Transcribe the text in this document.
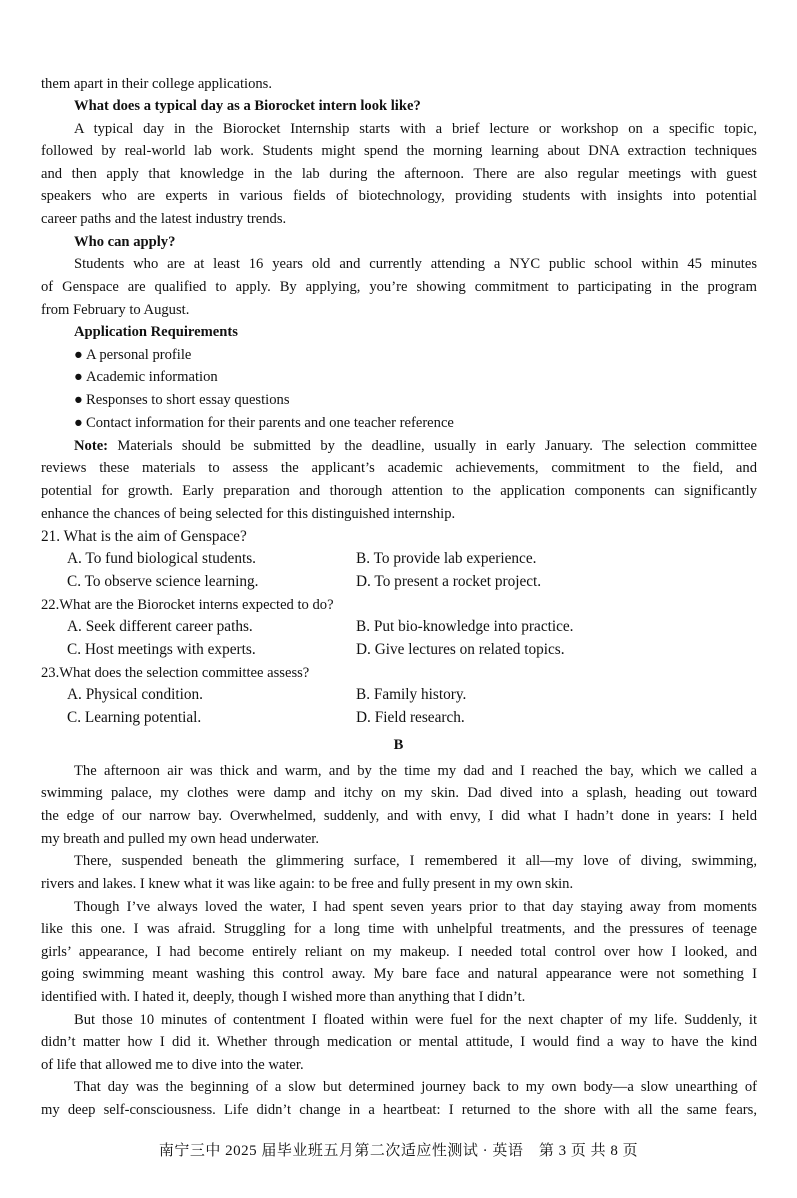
them apart in their college applications.
What does a typical day as a Biorocket intern look like?
A typical day in the Biorocket Internship starts with a brief lecture or workshop on a specific topic,
followed by real-world lab work. Students might spend the morning learning about DNA extraction techniques
and then apply that knowledge in the lab during the afternoon. There are also regular meetings with guest
speakers who are experts in various fields of biotechnology, providing students with insights into potential
career paths and the latest industry trends.
Who can apply?
Students who are at least 16 years old and currently attending a NYC public school within 45 minutes
of Genspace are qualified to apply. By applying, you’re showing commitment to participating in the program
from February to August.
Application Requirements
● A personal profile
● Academic information
● Responses to short essay questions
● Contact information for their parents and one teacher reference
Note: Materials should be submitted by the deadline, usually in early January. The selection committee
reviews these materials to assess the applicant’s academic achievements, commitment to the field, and
potential for growth. Early preparation and thorough attention to the application components can significantly
enhance the chances of being selected for this distinguished internship.
21. What is the aim of Genspace?
A. To fund biological students.	B. To provide lab experience.
C. To observe science learning.	D. To present a rocket project.
22.What are the Biorocket interns expected to do?
A. Seek different career paths.	B. Put bio-knowledge into practice.
C. Host meetings with experts.	D. Give lectures on related topics.
23.What does the selection committee assess?
A. Physical condition.	B. Family history.
C. Learning potential.	D. Field research.
B
The afternoon air was thick and warm, and by the time my dad and I reached the bay, which we called a
swimming palace, my clothes were damp and itchy on my skin. Dad dived into a splash, heading out toward
the edge of our narrow bay. Overwhelmed, suddenly, and with envy, I did what I hadn’t done in years: I held
my breath and pulled my own head underwater.
There, suspended beneath the glimmering surface, I remembered it all—my love of diving, swimming,
rivers and lakes. I knew what it was like again: to be free and fully present in my own skin.
Though I’ve always loved the water, I had spent seven years prior to that day staying away from moments
like this one. I was afraid. Struggling for a long time with unhelpful treatments, and the pressures of teenage
girls’ appearance, I had become entirely reliant on my makeup. I needed total control over how I looked, and
going swimming meant washing this control away. My bare face and natural appearance were not something I
identified with. I hated it, deeply, though I wished more than anything that I didn’t.
But those 10 minutes of contentment I floated within were fuel for the next chapter of my life. Suddenly, it
didn’t matter how I did it. Whether through medication or mental attitude, I would find a way to have the kind
of life that allowed me to dive into the water.
That day was the beginning of a slow but determined journey back to my own body—a slow unearthing of
my deep self-consciousness. Life didn’t change in a heartbeat: I returned to the shore with all the same fears,
南宁三中 2025 届毕业班五月第二次适应性测试 · 英语　第 3 页 共 8 页
